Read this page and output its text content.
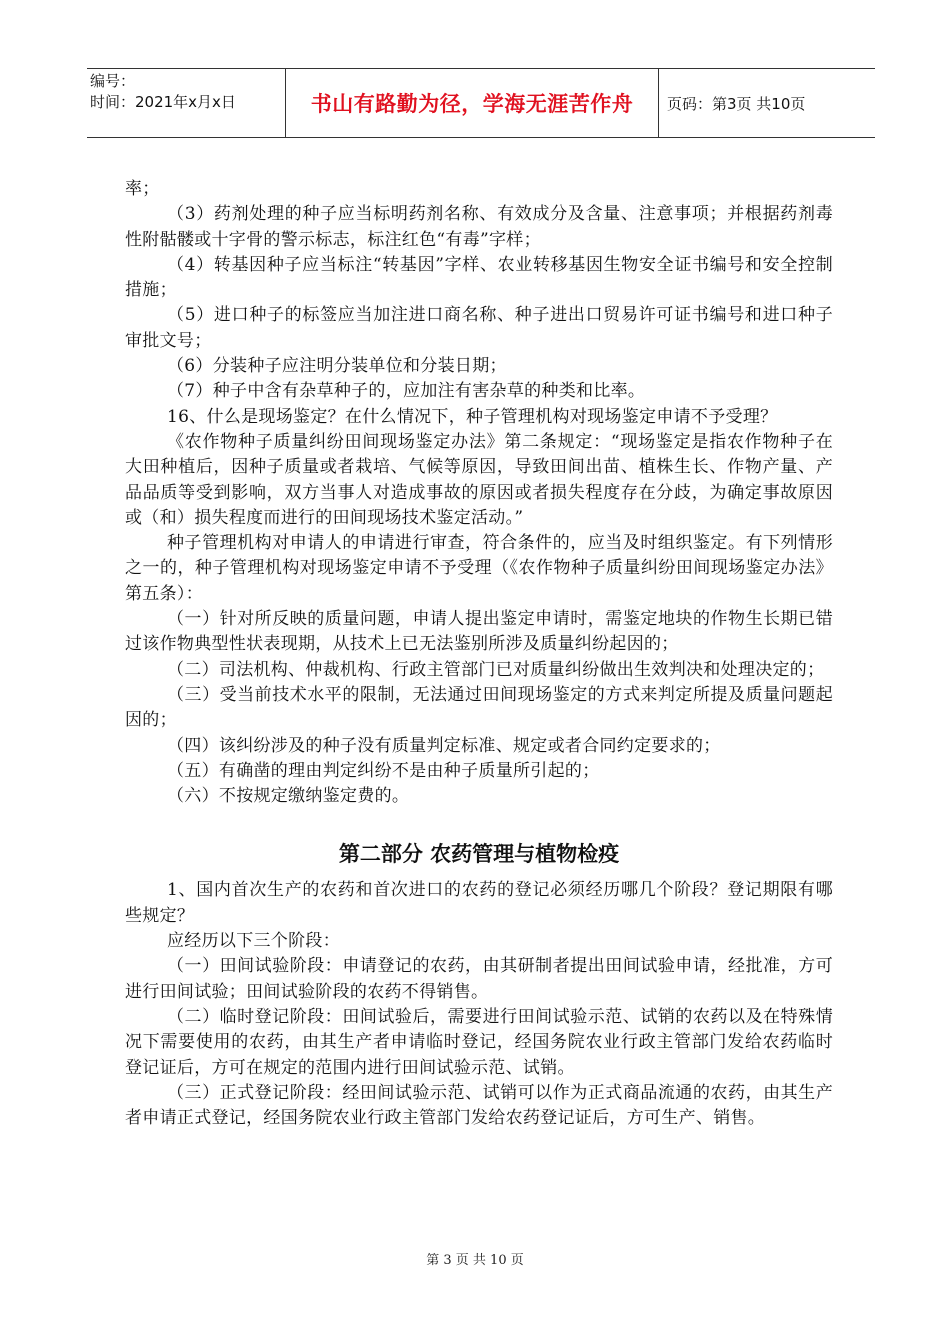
编号：
时间：2021年x月x日	书山有路勤为径，学海无涯苦作舟	页码：第3页 共10页

率；

（3）药剂处理的种子应当标明药剂名称、有效成分及含量、注意事项；并根据药剂毒性附骷髅或十字骨的警示标志，标注红色“有毒”字样；

（4）转基因种子应当标注“转基因”字样、农业转移基因生物安全证书编号和安全控制措施；

（5）进口种子的标签应当加注进口商名称、种子进出口贸易许可证书编号和进口种子审批文号；

（6）分装种子应注明分装单位和分装日期；

（7）种子中含有杂草种子的，应加注有害杂草的种类和比率。

16、什么是现场鉴定？在什么情况下，种子管理机构对现场鉴定申请不予受理？

《农作物种子质量纠纷田间现场鉴定办法》第二条规定：“现场鉴定是指农作物种子在大田种植后，因种子质量或者栽培、气候等原因，导致田间出苗、植株生长、作物产量、产品品质等受到影响，双方当事人对造成事故的原因或者损失程度存在分歧，为确定事故原因或（和）损失程度而进行的田间现场技术鉴定活动。”

种子管理机构对申请人的申请进行审查，符合条件的，应当及时组织鉴定。有下列情形之一的，种子管理机构对现场鉴定申请不予受理（《农作物种子质量纠纷田间现场鉴定办法》第五条）：

（一）针对所反映的质量问题，申请人提出鉴定申请时，需鉴定地块的作物生长期已错过该作物典型性状表现期，从技术上已无法鉴别所涉及质量纠纷起因的；

（二）司法机构、仲裁机构、行政主管部门已对质量纠纷做出生效判决和处理决定的；

（三）受当前技术水平的限制，无法通过田间现场鉴定的方式来判定所提及质量问题起因的；

（四）该纠纷涉及的种子没有质量判定标准、规定或者合同约定要求的；

（五）有确凿的理由判定纠纷不是由种子质量所引起的；

（六）不按规定缴纳鉴定费的。

第二部分 农药管理与植物检疫

1、国内首次生产的农药和首次进口的农药的登记必须经历哪几个阶段？登记期限有哪些规定？

应经历以下三个阶段：

（一）田间试验阶段：申请登记的农药，由其研制者提出田间试验申请，经批准，方可进行田间试验；田间试验阶段的农药不得销售。

（二）临时登记阶段：田间试验后，需要进行田间试验示范、试销的农药以及在特殊情况下需要使用的农药，由其生产者申请临时登记，经国务院农业行政主管部门发给农药临时登记证后，方可在规定的范围内进行田间试验示范、试销。

（三）正式登记阶段：经田间试验示范、试销可以作为正式商品流通的农药，由其生产者申请正式登记，经国务院农业行政主管部门发给农药登记证后，方可生产、销售。

第 3 页 共 10 页
